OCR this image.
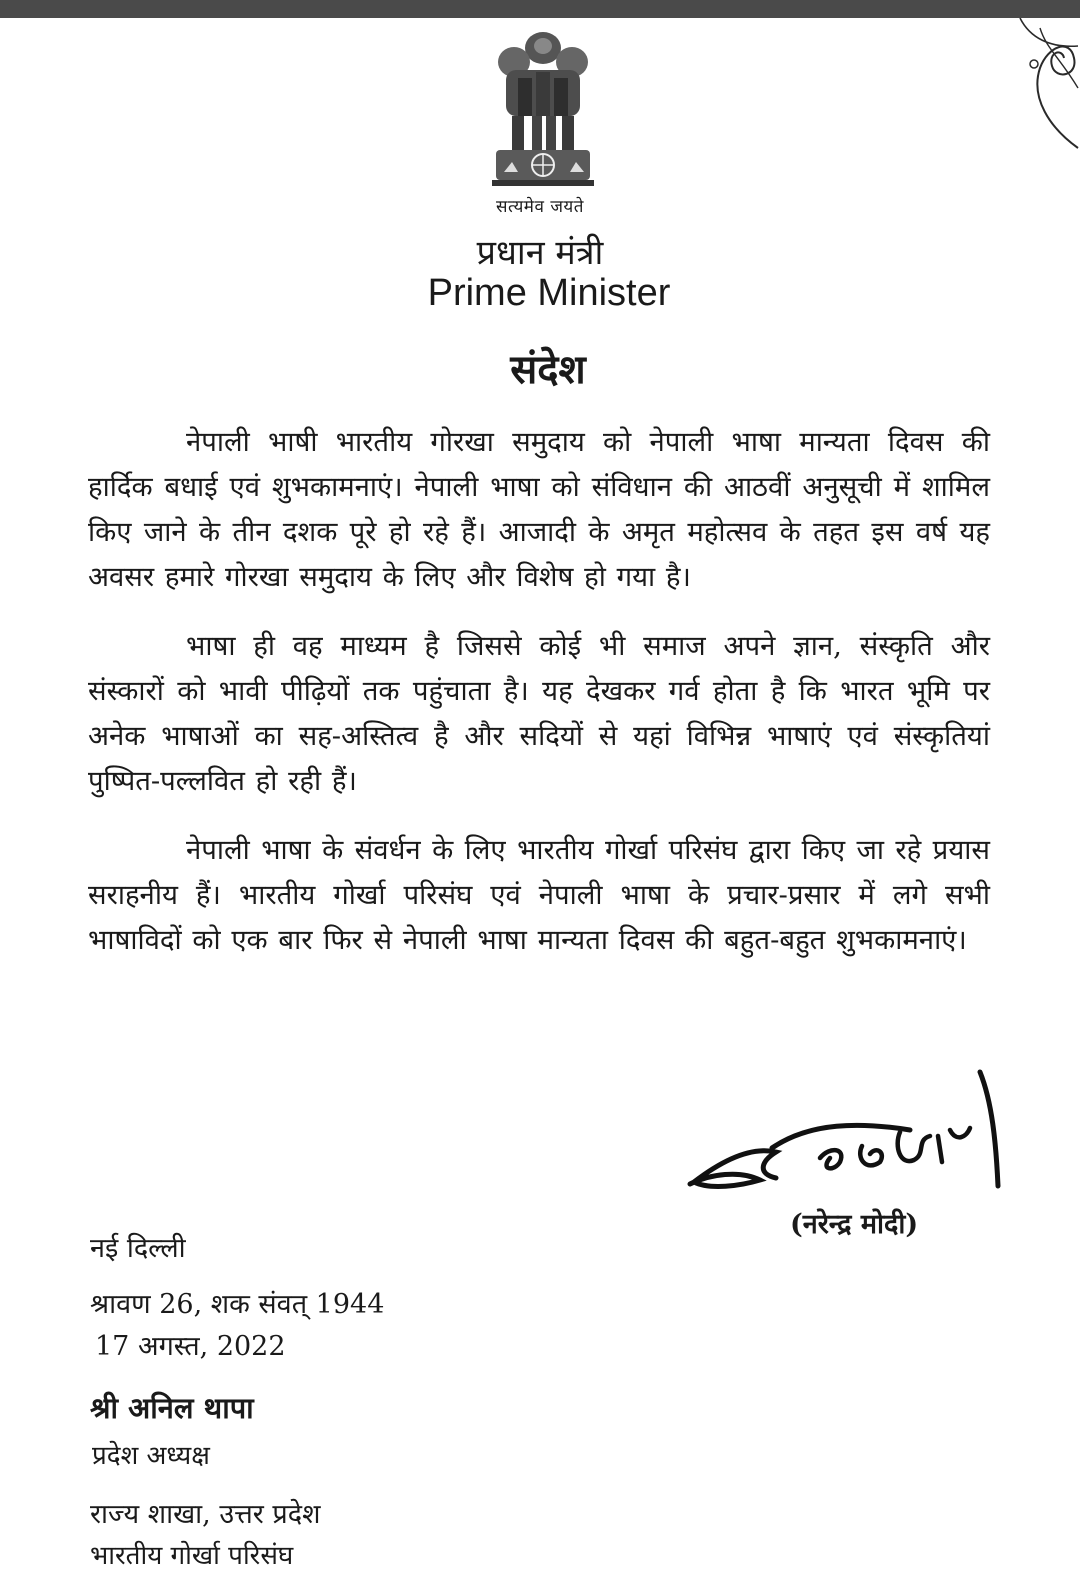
सत्यमेव जयते
प्रधान मंत्री
Prime Minister
संदेश

नेपाली भाषी भारतीय गोरखा समुदाय को नेपाली भाषा मान्यता दिवस की हार्दिक बधाई एवं शुभकामनाएं। नेपाली भाषा को संविधान की आठवीं अनुसूची में शामिल किए जाने के तीन दशक पूरे हो रहे हैं। आजादी के अमृत महोत्सव के तहत इस वर्ष यह अवसर हमारे गोरखा समुदाय के लिए और विशेष हो गया है।

भाषा ही वह माध्यम है जिससे कोई भी समाज अपने ज्ञान, संस्कृति और संस्कारों को भावी पीढ़ियों तक पहुंचाता है। यह देखकर गर्व होता है कि भारत भूमि पर अनेक भाषाओं का सह-अस्तित्व है और सदियों से यहां विभिन्न भाषाएं एवं संस्कृतियां पुष्पित-पल्लवित हो रही हैं।

नेपाली भाषा के संवर्धन के लिए भारतीय गोर्खा परिसंघ द्वारा किए जा रहे प्रयास सराहनीय हैं। भारतीय गोर्खा परिसंघ एवं नेपाली भाषा के प्रचार-प्रसार में लगे सभी भाषाविदों को एक बार फिर से नेपाली भाषा मान्यता दिवस की बहुत-बहुत शुभकामनाएं।

(नरेन्द्र मोदी)
नई दिल्ली
श्रावण 26, शक संवत् 1944
17 अगस्त, 2022
श्री अनिल थापा
प्रदेश अध्यक्ष
राज्य शाखा, उत्तर प्रदेश
भारतीय गोर्खा परिसंघ
